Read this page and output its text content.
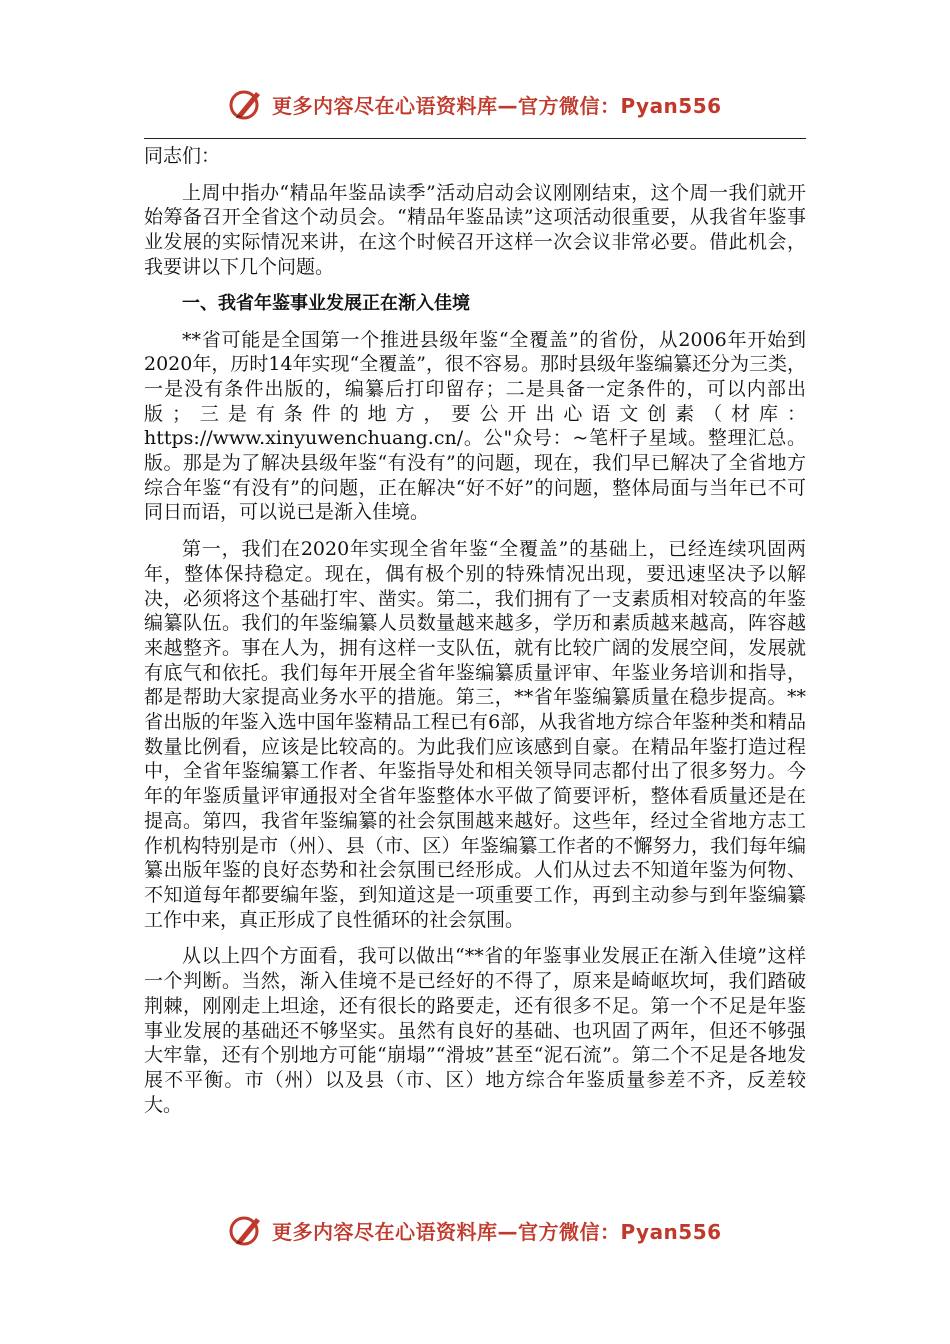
更多内容尽在心语资料库—官方微信：Pyan556

同志们：

上周中指办“精品年鉴品读季”活动启动会议刚刚结束，这个周一我们就开始筹备召开全省这个动员会。“精品年鉴品读”这项活动很重要，从我省年鉴事业发展的实际情况来讲，在这个时候召开这样一次会议非常必要。借此机会，我要讲以下几个问题。

一、我省年鉴事业发展正在渐入佳境

**省可能是全国第一个推进县级年鉴“全覆盖”的省份，从2006年开始到2020年，历时14年实现“全覆盖”，很不容易。那时县级年鉴编纂还分为三类，一是没有条件出版的，编纂后打印留存；二是具备一定条件的，可以内部出版；三是有条件的地方，要公开出心语文创素（材库：https://www.xinyuwenchuang.cn/。公"众号：~笔杆子星域。整理汇总。版。那是为了解决县级年鉴“有没有”的问题，现在，我们早已解决了全省地方综合年鉴“有没有”的问题，正在解决“好不好”的问题，整体局面与当年已不可同日而语，可以说已是渐入佳境。

第一，我们在2020年实现全省年鉴“全覆盖”的基础上，已经连续巩固两年，整体保持稳定。现在，偶有极个别的特殊情况出现，要迅速坚决予以解决，必须将这个基础打牢、凿实。第二，我们拥有了一支素质相对较高的年鉴编纂队伍。我们的年鉴编纂人员数量越来越多，学历和素质越来越高，阵容越来越整齐。事在人为，拥有这样一支队伍，就有比较广阔的发展空间，发展就有底气和依托。我们每年开展全省年鉴编纂质量评审、年鉴业务培训和指导，都是帮助大家提高业务水平的措施。第三，**省年鉴编纂质量在稳步提高。**省出版的年鉴入选中国年鉴精品工程已有6部，从我省地方综合年鉴种类和精品数量比例看，应该是比较高的。为此我们应该感到自豪。在精品年鉴打造过程中，全省年鉴编纂工作者、年鉴指导处和相关领导同志都付出了很多努力。今年的年鉴质量评审通报对全省年鉴整体水平做了简要评析，整体看质量还是在提高。第四，我省年鉴编纂的社会氛围越来越好。这些年，经过全省地方志工作机构特别是市（州）、县（市、区）年鉴编纂工作者的不懈努力，我们每年编纂出版年鉴的良好态势和社会氛围已经形成。人们从过去不知道年鉴为何物、不知道每年都要编年鉴，到知道这是一项重要工作，再到主动参与到年鉴编纂工作中来，真正形成了良性循环的社会氛围。

从以上四个方面看，我可以做出“**省的年鉴事业发展正在渐入佳境”这样一个判断。当然，渐入佳境不是已经好的不得了，原来是崎岖坎坷，我们踏破荆棘，刚刚走上坦途，还有很长的路要走，还有很多不足。第一个不足是年鉴事业发展的基础还不够坚实。虽然有良好的基础、也巩固了两年，但还不够强大牢靠，还有个别地方可能“崩塌”“滑坡”甚至“泥石流”。第二个不足是各地发展不平衡。市（州）以及县（市、区）地方综合年鉴质量参差不齐，反差较大。

更多内容尽在心语资料库—官方微信：Pyan556
